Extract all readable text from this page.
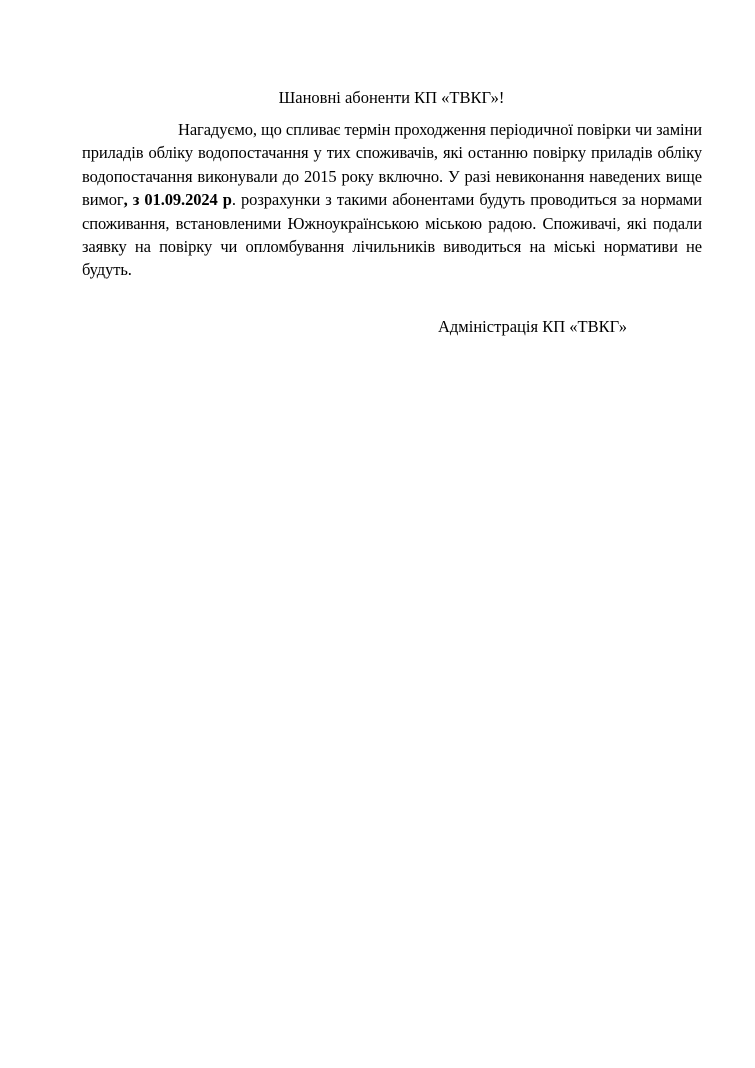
Шановні абоненти КП «ТВКГ»!

Нагадуємо, що спливає термін проходження періодичної повірки чи заміни приладів обліку водопостачання у тих споживачів, які останню повірку приладів обліку водопостачання виконували до 2015 року включно. У разі невиконання наведених вище вимог, з 01.09.2024 р. розрахунки з такими абонентами будуть проводиться за нормами споживання, встановленими Южноукраїнською міською радою. Споживачі, які подали заявку на повірку чи опломбування лічильників виводиться на міські нормативи не будуть.

Адміністрація КП «ТВКГ»
